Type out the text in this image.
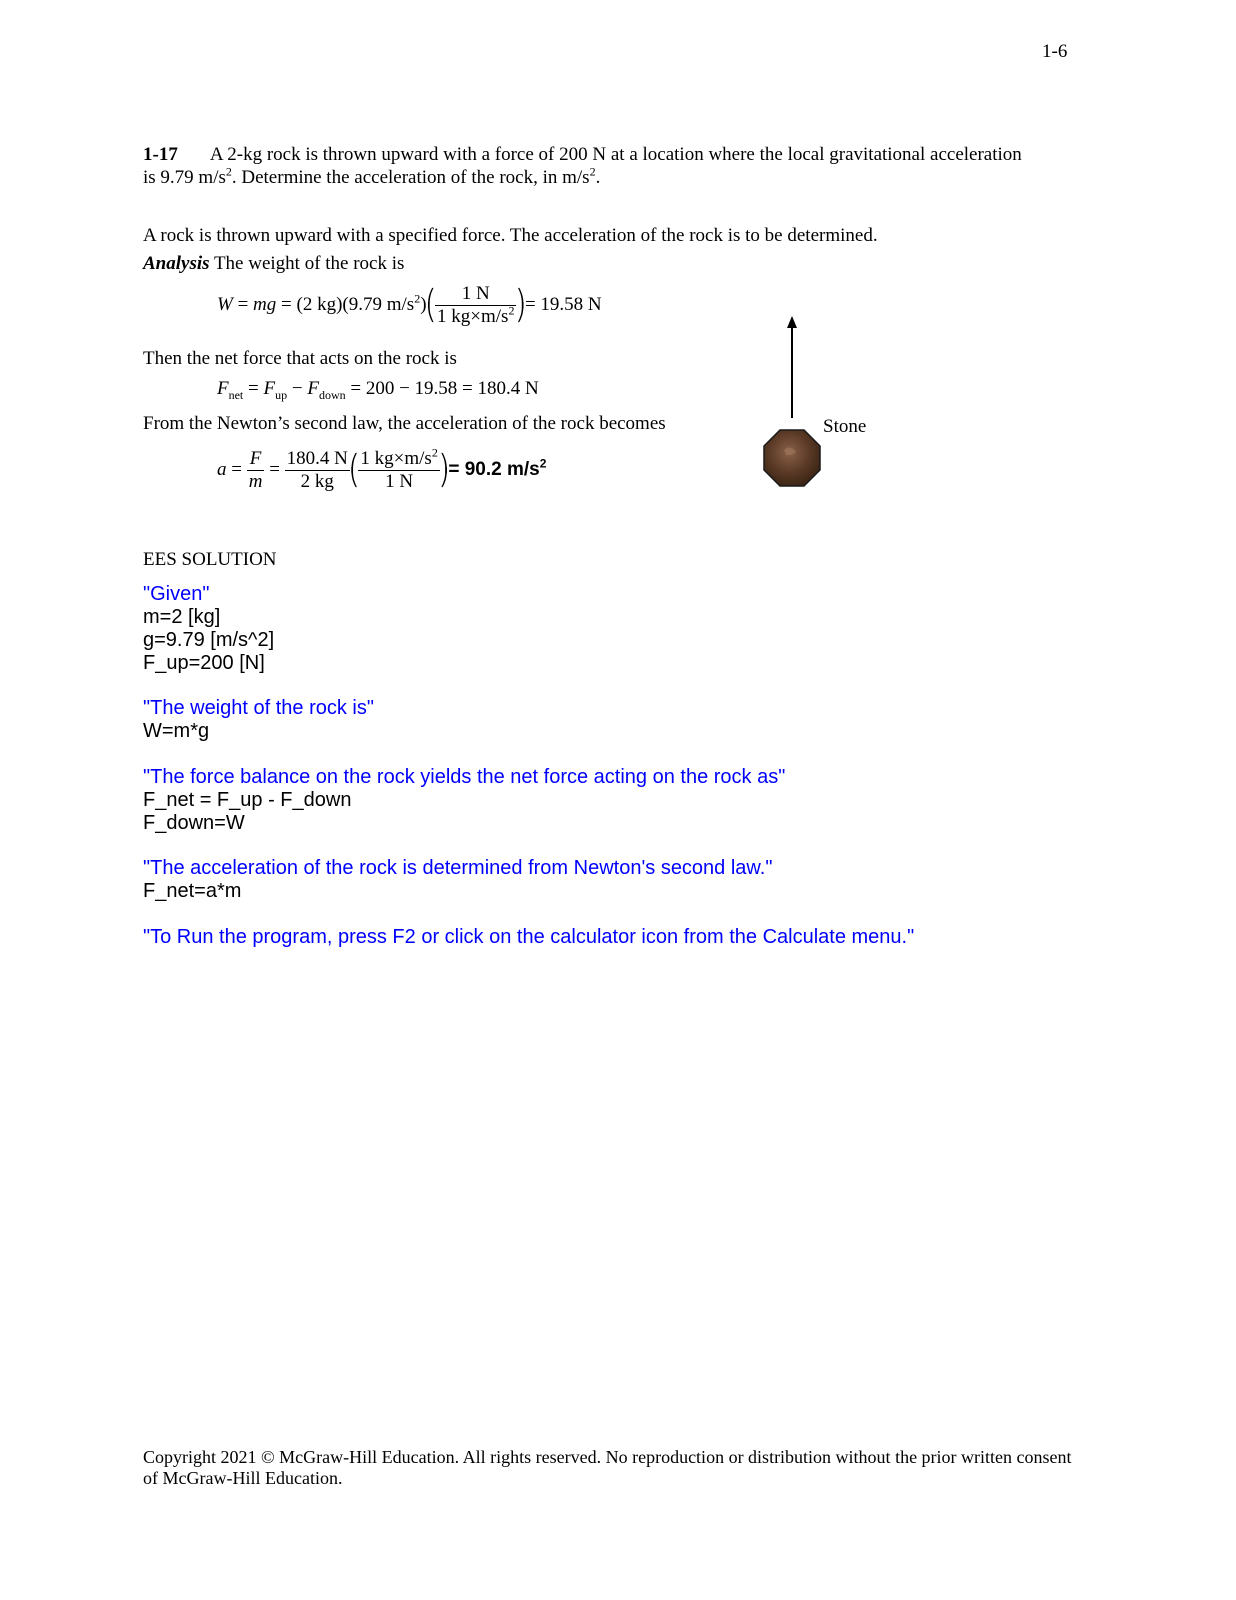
1-6
1-17 A 2-kg rock is thrown upward with a force of 200 N at a location where the local gravitational acceleration
is 9.79 $m/s^2$. Determine the acceleration of the rock, in $m/s^2$.
A rock is thrown upward with a specified force. The acceleration of the rock is to be determined.
Analysis The weight of the rock is
W = mg = (2 kg)(9.79 $m/s^2)⎛$
⎝ $\frac{1 N}{1 kg\times m/s^2}$ ⎞
⎠= 19.58 N
Then the net force that acts on the rock is
$F_{net} = F_{up} - F_{down} = 200 - 19.58 = 180.4$ N
From the Newton’s second law, the acceleration of the rock becomes
$a = \frac{F}{m} = \frac{180.4 N}{2 kg}$ ⎛
⎝ $\frac{1 kg\times m/s^2}{1 N}$ ⎞
⎠= 90.2 $m/s^2$
Stone
EES SOLUTION
"Given"
m=2 [kg]
g=9.79 [m/s^2]
F_up=200 [N]
"The weight of the rock is"
W=m*g
"The force balance on the rock yields the net force acting on the rock as"
F_net = F_up - F_down
F_down=W
"The acceleration of the rock is determined from Newton's second law."
F_net=a*m
"To Run the program, press F2 or click on the calculator icon from the Calculate menu."
Copyright 2021 © McGraw-Hill Education. All rights reserved. No reproduction or distribution without the prior written consent
of McGraw-Hill Education.
